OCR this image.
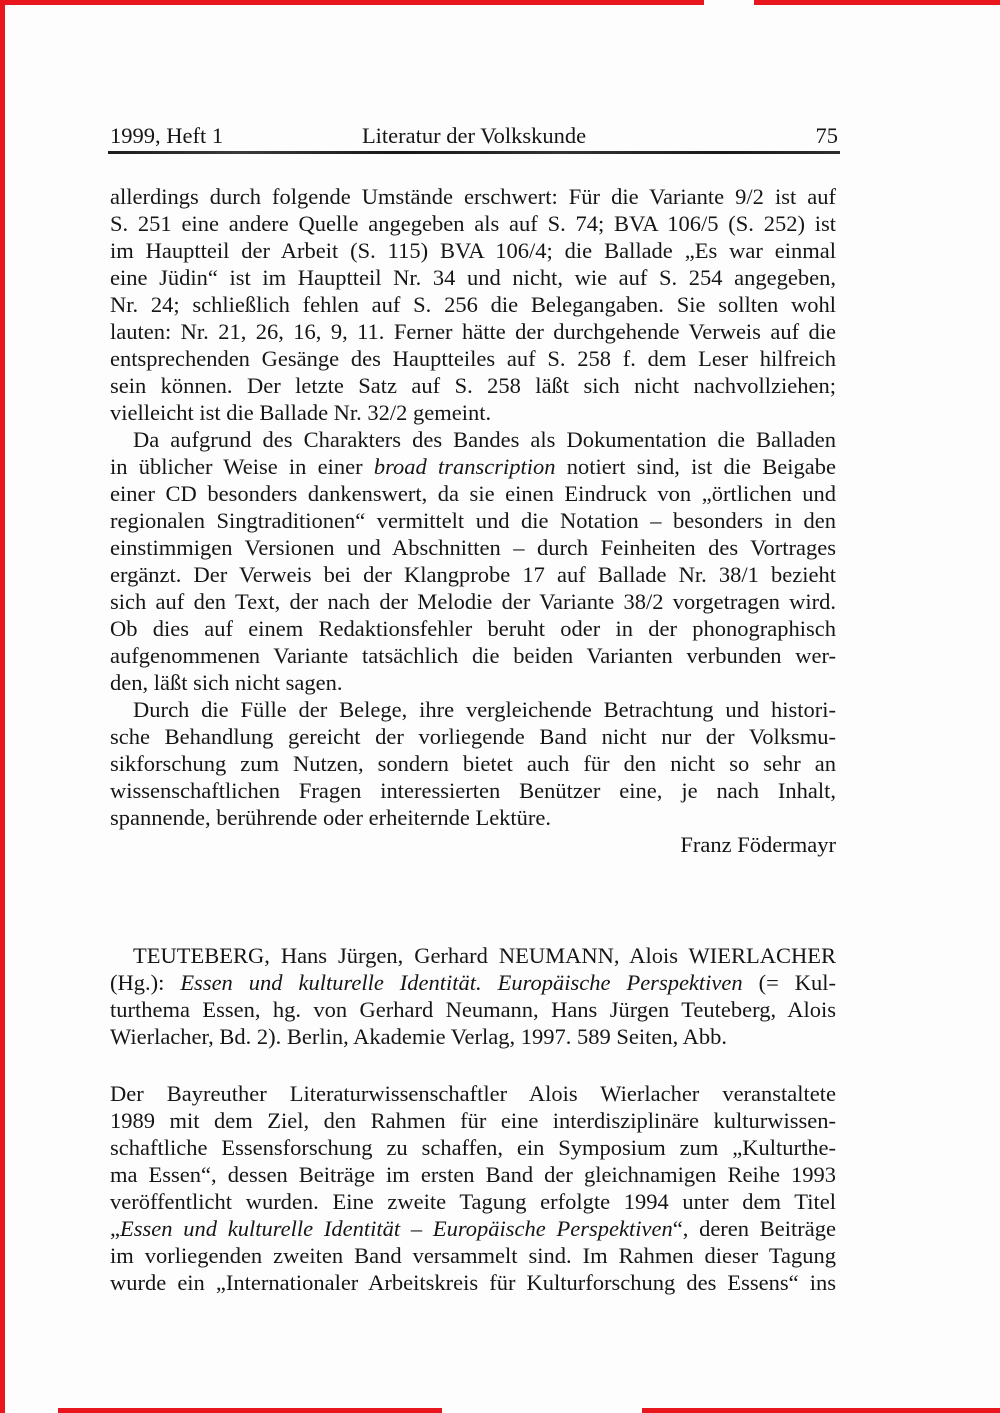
1999, Heft 1	Literatur der Volkskunde	75
allerdings durch folgende Umstände erschwert: Für die Variante 9/2 ist auf
S. 251 eine andere Quelle angegeben als auf S. 74; BVA 106/5 (S. 252) ist
im Hauptteil der Arbeit (S. 115) BVA 106/4; die Ballade „Es war einmal
eine Jüdin“ ist im Hauptteil Nr. 34 und nicht, wie auf S. 254 angegeben,
Nr. 24; schließlich fehlen auf S. 256 die Belegangaben. Sie sollten wohl
lauten: Nr. 21, 26, 16, 9, 11. Ferner hätte der durchgehende Verweis auf die
entsprechenden Gesänge des Hauptteiles auf S. 258 f. dem Leser hilfreich
sein können. Der letzte Satz auf S. 258 läßt sich nicht nachvollziehen;
vielleicht ist die Ballade Nr. 32/2 gemeint.
Da aufgrund des Charakters des Bandes als Dokumentation die Balladen
in üblicher Weise in einer broad transcription notiert sind, ist die Beigabe
einer CD besonders dankenswert, da sie einen Eindruck von „örtlichen und
regionalen Singtraditionen“ vermittelt und die Notation – besonders in den
einstimmigen Versionen und Abschnitten – durch Feinheiten des Vortrages
ergänzt. Der Verweis bei der Klangprobe 17 auf Ballade Nr. 38/1 bezieht
sich auf den Text, der nach der Melodie der Variante 38/2 vorgetragen wird.
Ob dies auf einem Redaktionsfehler beruht oder in der phonographisch
aufgenommenen Variante tatsächlich die beiden Varianten verbunden wer-
den, läßt sich nicht sagen.
Durch die Fülle der Belege, ihre vergleichende Betrachtung und histori-
sche Behandlung gereicht der vorliegende Band nicht nur der Volksmu-
sikforschung zum Nutzen, sondern bietet auch für den nicht so sehr an
wissenschaftlichen Fragen interessierten Benützer eine, je nach Inhalt,
spannende, berührende oder erheiternde Lektüre.
Franz Födermayr
TEUTEBERG, Hans Jürgen, Gerhard NEUMANN, Alois WIERLACHER
(Hg.): Essen und kulturelle Identität. Europäische Perspektiven (= Kul-
turthema Essen, hg. von Gerhard Neumann, Hans Jürgen Teuteberg, Alois
Wierlacher, Bd. 2). Berlin, Akademie Verlag, 1997. 589 Seiten, Abb.
Der Bayreuther Literaturwissenschaftler Alois Wierlacher veranstaltete
1989 mit dem Ziel, den Rahmen für eine interdisziplinäre kulturwissen-
schaftliche Essensforschung zu schaffen, ein Symposium zum „Kulturthe-
ma Essen“, dessen Beiträge im ersten Band der gleichnamigen Reihe 1993
veröffentlicht wurden. Eine zweite Tagung erfolgte 1994 unter dem Titel
„Essen und kulturelle Identität – Europäische Perspektiven“, deren Beiträge
im vorliegenden zweiten Band versammelt sind. Im Rahmen dieser Tagung
wurde ein „Internationaler Arbeitskreis für Kulturforschung des Essens“ ins
